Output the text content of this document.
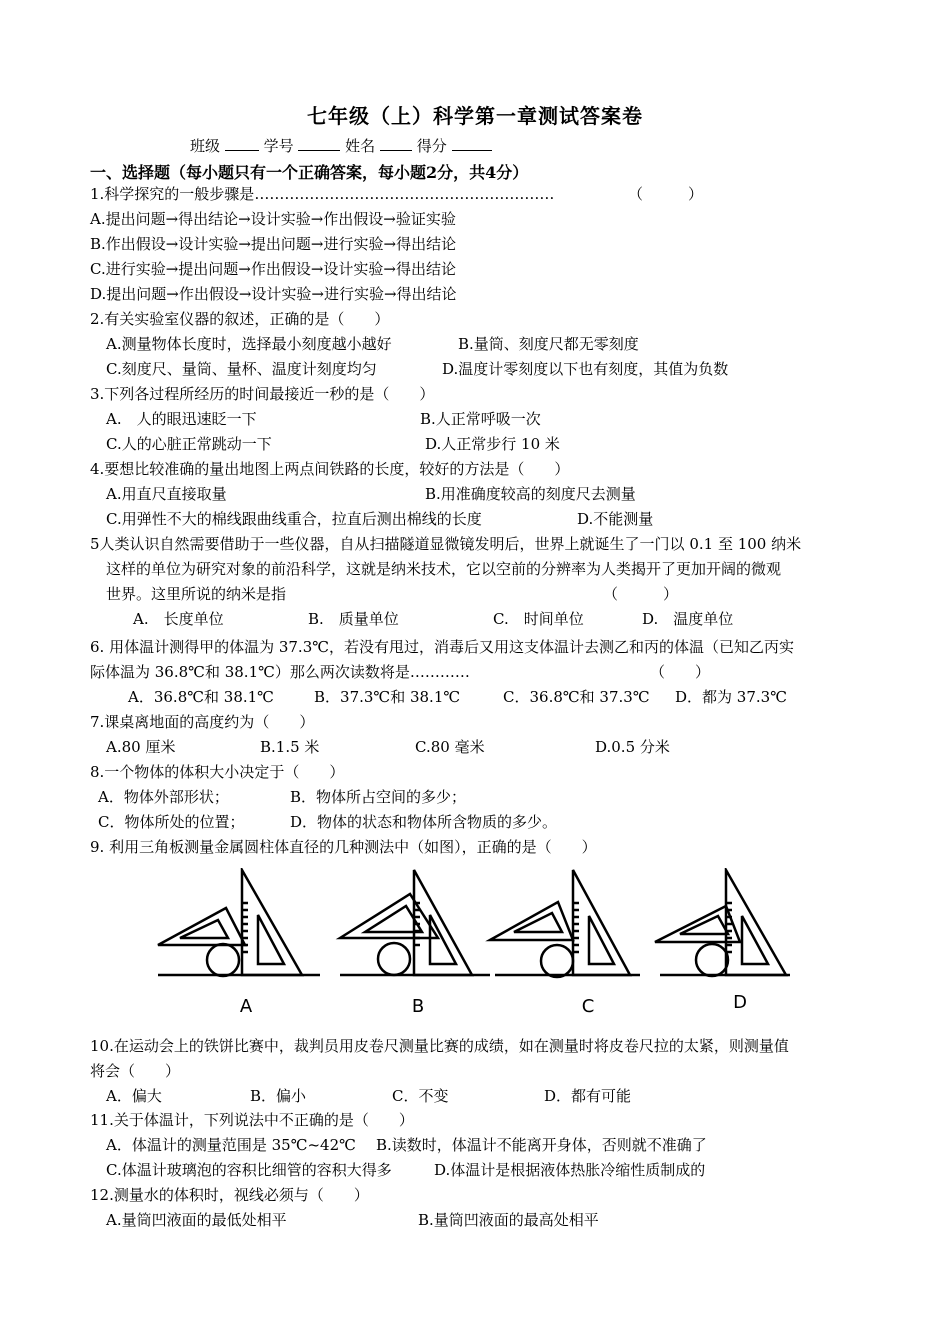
七年级（上）科学第一章测试答案卷
班级	学号	姓名	得分
一、选择题（每小题只有一个正确答案，每小题2分，共4分）
1.科学探究的一般步骤是……………………………………………………	（　　　）
A.提出问题→得出结论→设计实验→作出假设→验证实验
B.作出假设→设计实验→提出问题→进行实验→得出结论
C.进行实验→提出问题→作出假设→设计实验→得出结论
D.提出问题→作出假设→设计实验→进行实验→得出结论
2.有关实验室仪器的叙述，正确的是（　　）
A.测量物体长度时，选择最小刻度越小越好	B.量筒、刻度尺都无零刻度
C.刻度尺、量筒、量杯、温度计刻度均匀	D.温度计零刻度以下也有刻度，其值为负数
3.下列各过程所经历的时间最接近一秒的是（　　）
A.　人的眼迅速眨一下	B.人正常呼吸一次
C.人的心脏正常跳动一下	D.人正常步行 10 米
4.要想比较准确的量出地图上两点间铁路的长度，较好的方法是（　　）
A.用直尺直接取量	B.用准确度较高的刻度尺去测量
C.用弹性不大的棉线跟曲线重合，拉直后测出棉线的长度	D.不能测量
5人类认识自然需要借助于一些仪器，自从扫描隧道显微镜发明后，世界上就诞生了一门以 0.1 至 100 纳米
这样的单位为研究对象的前沿科学，这就是纳米技术，它以空前的分辨率为人类揭开了更加开阔的微观
世界。这里所说的纳米是指	（　　　）
A.　长度单位	B.　质量单位	C.　时间单位	D.　温度单位
6. 用体温计测得甲的体温为 37.3℃，若没有甩过，消毒后又用这支体温计去测乙和丙的体温（已知乙丙实
际体温为 36.8℃和 38.1℃）那么两次读数将是…………	（　　）
A．36.8℃和 38.1℃	B．37.3℃和 38.1℃	C．36.8℃和 37.3℃ D．都为 37.3℃
7.课桌离地面的高度约为（　　）
A.80 厘米	B.1.5 米	C.80 毫米	D.0.5 分米
8.一个物体的体积大小决定于（　　）
A．物体外部形状；	B．物体所占空间的多少；
C．物体所处的位置；	D．物体的状态和物体所含物质的多少。
9. 利用三角板测量金属圆柱体直径的几种测法中（如图），正确的是（　　）
A	B	C	D
10.在运动会上的铁饼比赛中，裁判员用皮卷尺测量比赛的成绩，如在测量时将皮卷尺拉的太紧，则测量值
将会（　　）
A．偏大	B．偏小	C．不变	D．都有可能
11.关于体温计，下列说法中不正确的是（　　）
A．体温计的测量范围是 35℃~42℃ B.读数时，体温计不能离开身体，否则就不准确了
C.体温计玻璃泡的容积比细管的容积大得多	D.体温计是根据液体热胀冷缩性质制成的
12.测量水的体积时，视线必须与（　　）
A.量筒凹液面的最低处相平	B.量筒凹液面的最高处相平
